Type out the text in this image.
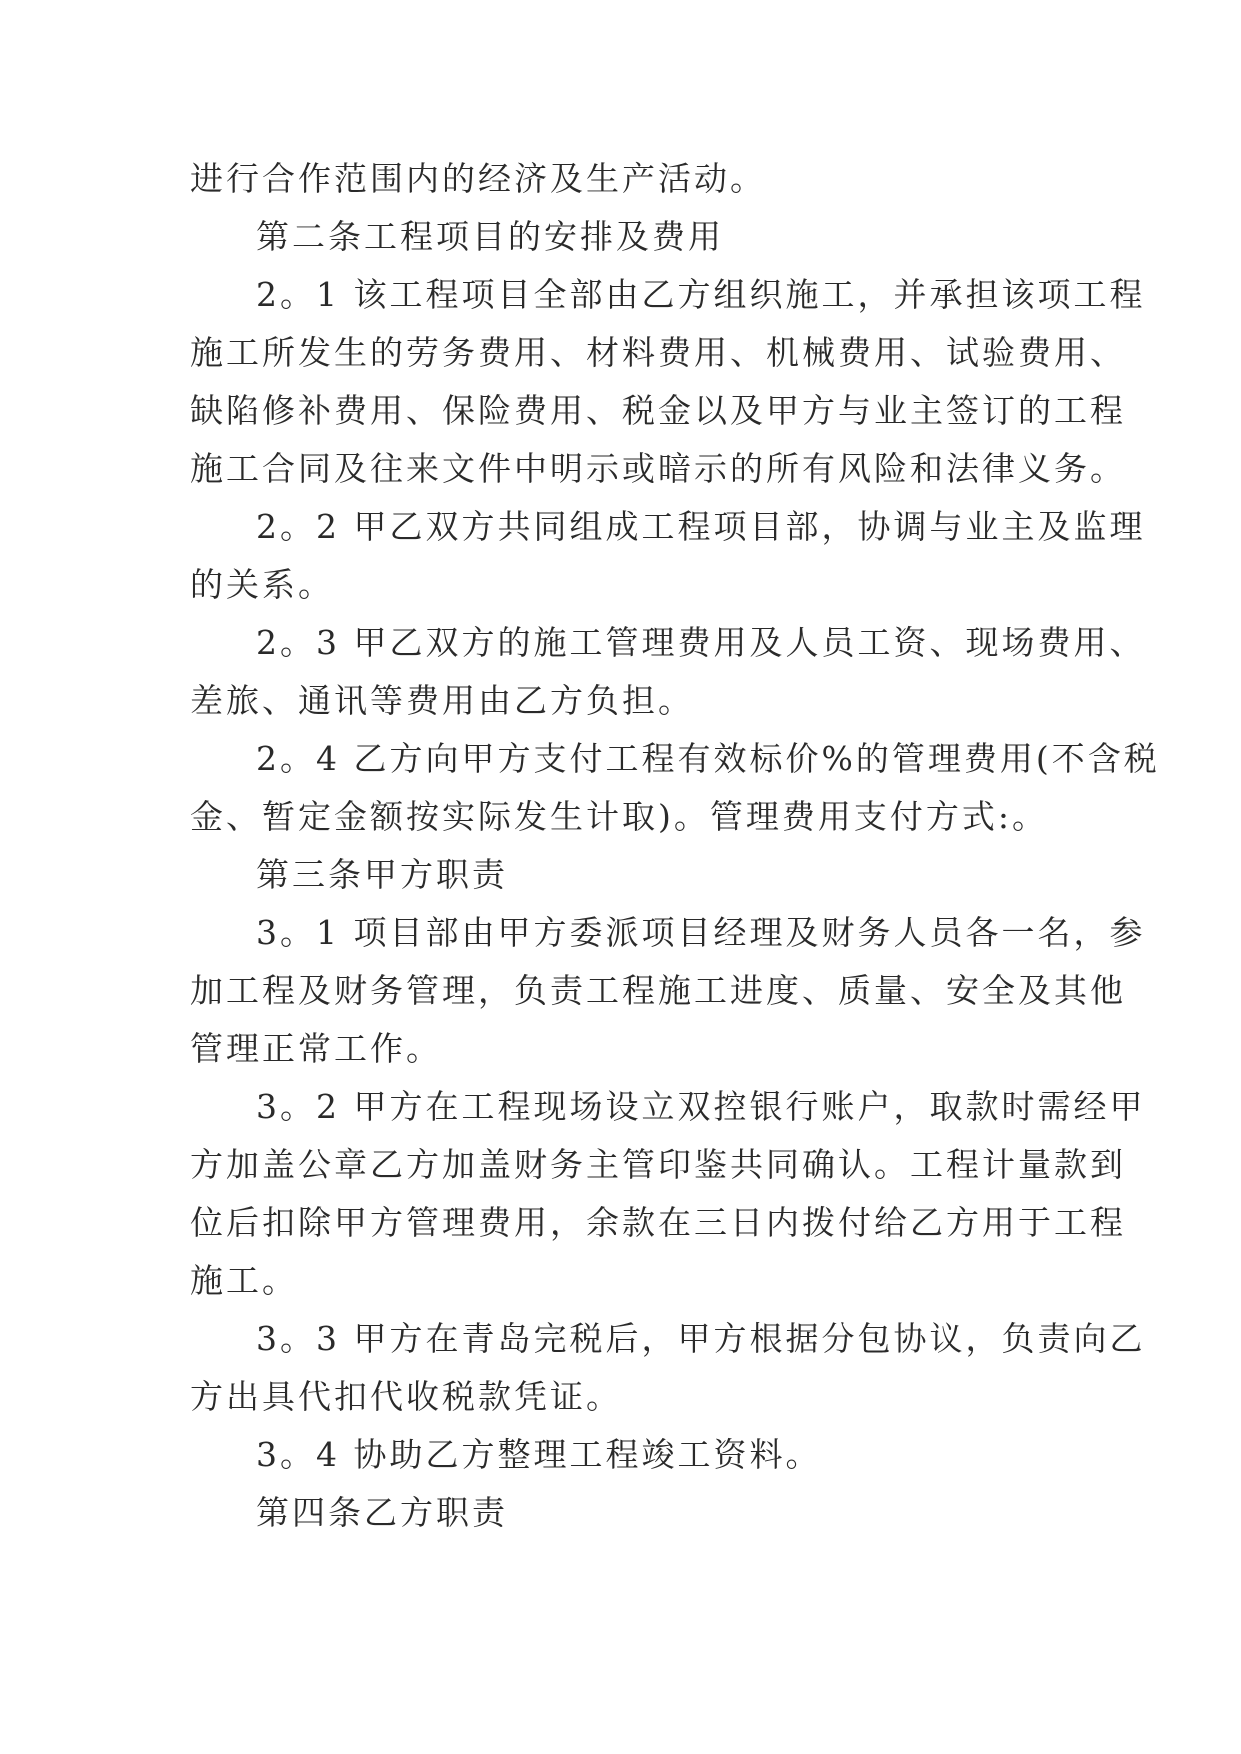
进行合作范围内的经济及生产活动。
第二条工程项目的安排及费用
2。1 该工程项目全部由乙方组织施工，并承担该项工程
施工所发生的劳务费用、材料费用、机械费用、试验费用、
缺陷修补费用、保险费用、税金以及甲方与业主签订的工程
施工合同及往来文件中明示或暗示的所有风险和法律义务。
2。2 甲乙双方共同组成工程项目部，协调与业主及监理
的关系。
2。3 甲乙双方的施工管理费用及人员工资、现场费用、
差旅、通讯等费用由乙方负担。
2。4 乙方向甲方支付工程有效标价%的管理费用(不含税
金、暂定金额按实际发生计取)。管理费用支付方式:。
第三条甲方职责
3。1 项目部由甲方委派项目经理及财务人员各一名，参
加工程及财务管理，负责工程施工进度、质量、安全及其他
管理正常工作。
3。2 甲方在工程现场设立双控银行账户，取款时需经甲
方加盖公章乙方加盖财务主管印鉴共同确认。工程计量款到
位后扣除甲方管理费用，余款在三日内拨付给乙方用于工程
施工。
3。3 甲方在青岛完税后，甲方根据分包协议，负责向乙
方出具代扣代收税款凭证。
3。4 协助乙方整理工程竣工资料。
第四条乙方职责
